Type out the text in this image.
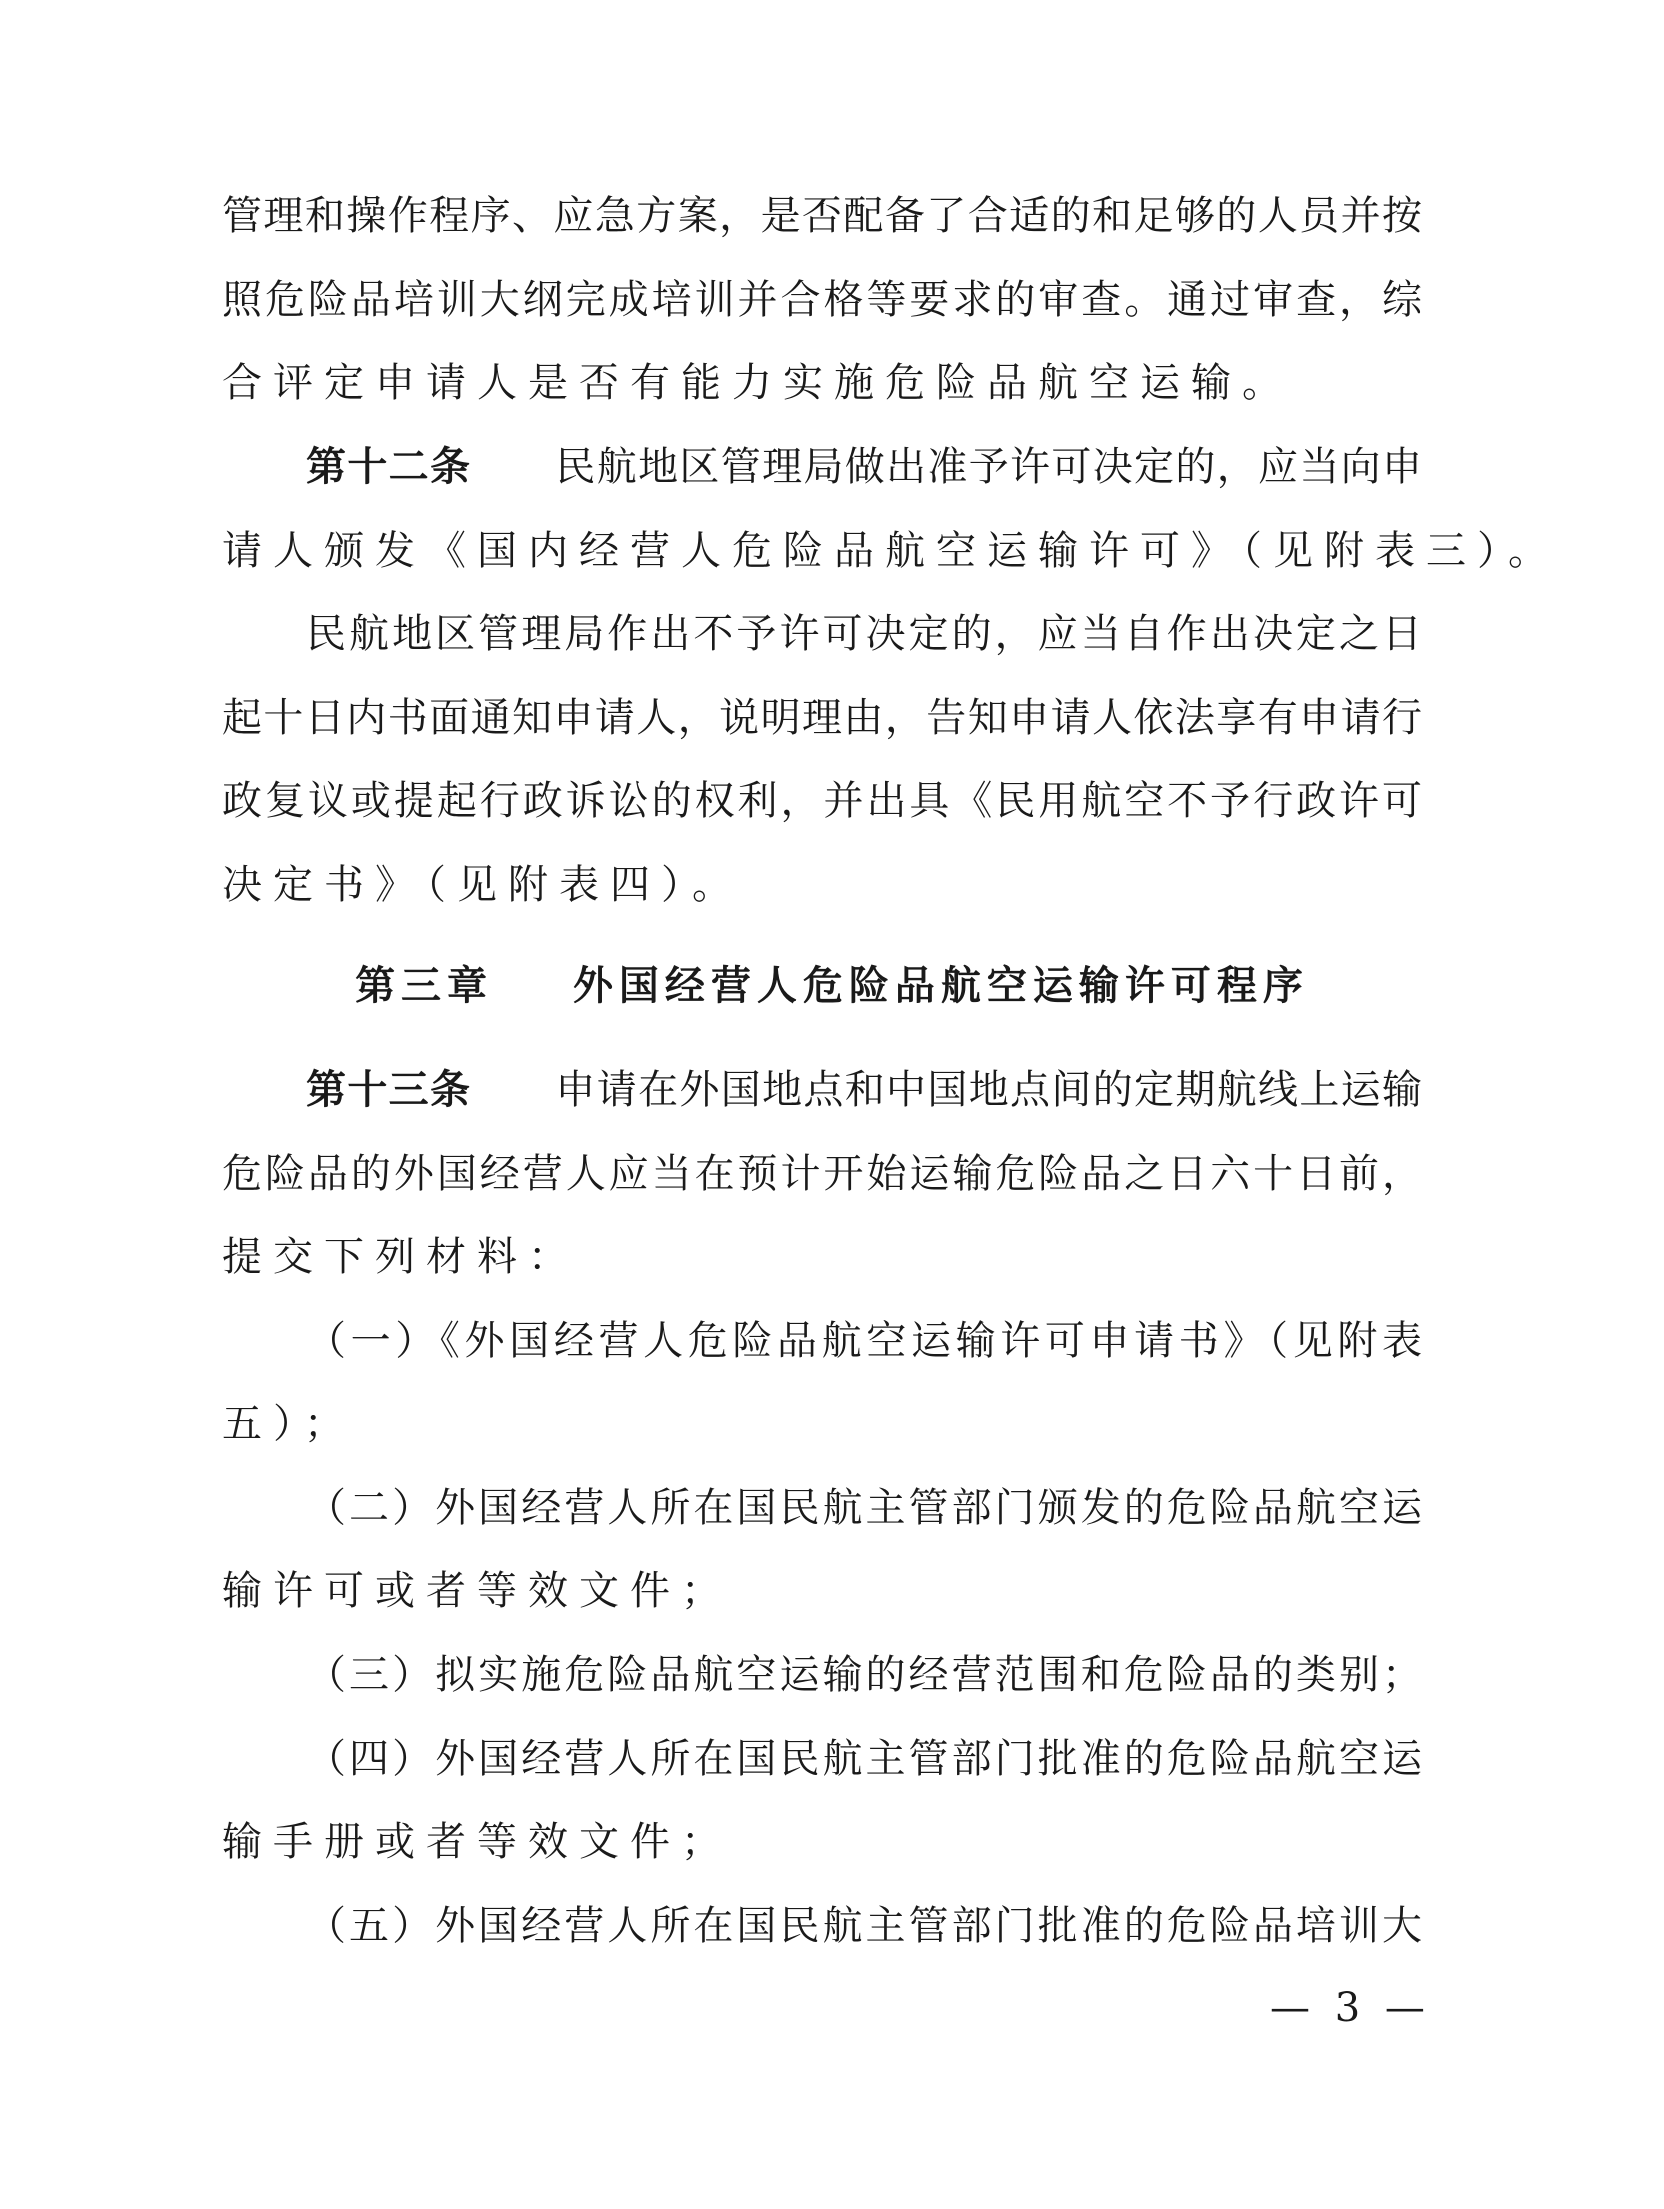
管理和操作程序、应急方案，是否配备了合适的和足够的人员并按

照危险品培训大纲完成培训并合格等要求的审查。通过审查，综

合评定申请人是否有能力实施危险品航空运输。

第十二条 民航地区管理局做出准予许可决定的，应当向申

请人颁发《国内经营人危险品航空运输许可》（见附表三）。

民航地区管理局作出不予许可决定的，应当自作出决定之日

起十日内书面通知申请人，说明理由，告知申请人依法享有申请行

政复议或提起行政诉讼的权利，并出具《民用航空不予行政许可

决定书》（见附表四）。

第三章 外国经营人危险品航空运输许可程序

第十三条 申请在外国地点和中国地点间的定期航线上运输

危险品的外国经营人应当在预计开始运输危险品之日六十日前，

提交下列材料：

（一）《外国经营人危险品航空运输许可申请书》（见附表

五）；

（二）外国经营人所在国民航主管部门颁发的危险品航空运

输许可或者等效文件；

（三）拟实施危险品航空运输的经营范围和危险品的类别；

（四）外国经营人所在国民航主管部门批准的危险品航空运

输手册或者等效文件；

（五）外国经营人所在国民航主管部门批准的危险品培训大

— 3 —
